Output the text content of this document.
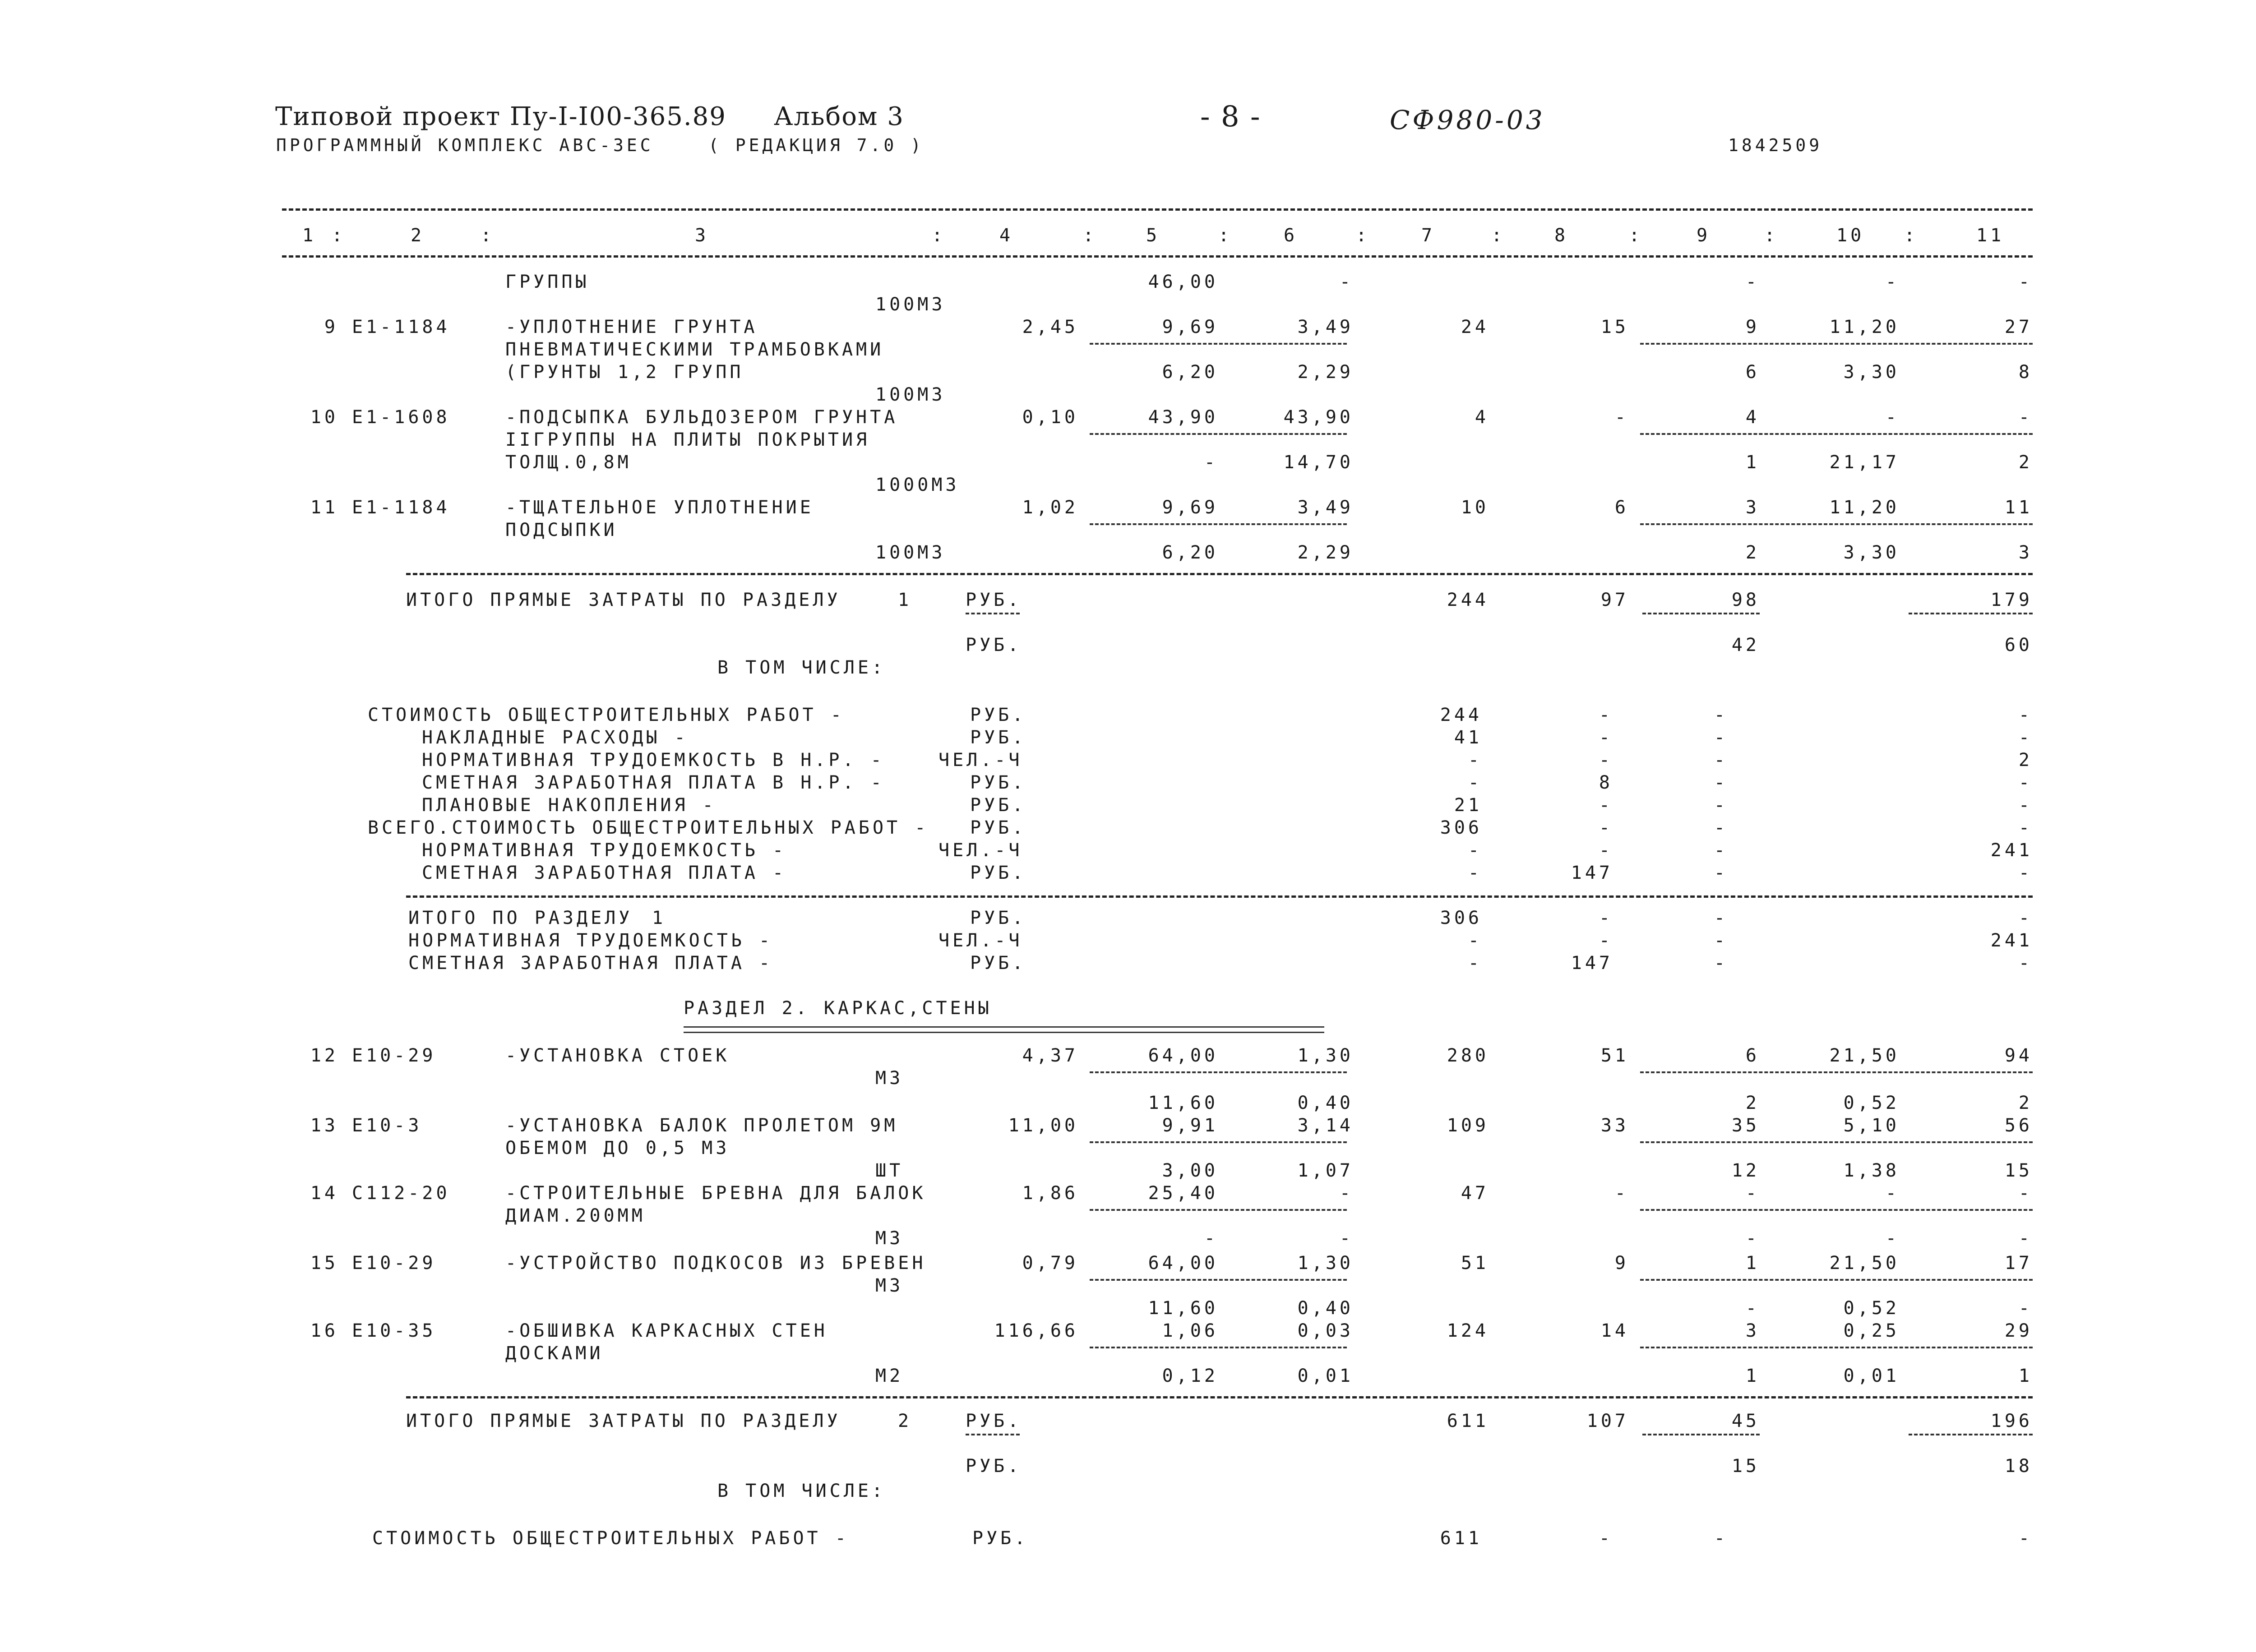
Типовой проект Пу-I-I00-365.89 Альбом 3	- 8 -	СФ980-03
ПРОГРАММНЫЙ КОМПЛЕКС АВС-3ЕС	( РЕДАКЦИЯ 7.0 )	1842509
1	2	3	4	5	6	7	8	9	10	11
:	:	:	:	:	:	:	:	:	:
ГРУППЫ	46,00	-	-	-	-
100М3
9 Е1-1184	-УПЛОТНЕНИЕ ГРУНТА	2,45	9,69	3,49	24	15	9	11,20	27
ПНЕВМАТИЧЕСКИМИ ТРАМБОВКАМИ
(ГРУНТЫ 1,2 ГРУПП	6,20	2,29	6	3,30	8
100М3
10 Е1-1608	-ПОДСЫПКА БУЛЬДОЗЕРОМ ГРУНТА	0,10	43,90	43,90	4	-	4	-	-
IIГРУППЫ НА ПЛИТЫ ПОКРЫТИЯ
ТОЛЩ.0,8М	-	14,70	1	21,17	2
1000М3
11 Е1-1184	-ТЩАТЕЛЬНОЕ УПЛОТНЕНИЕ	1,02	9,69	3,49	10	6	3	11,20	11
ПОДСЫПКИ
100М3	6,20	2,29	2	3,30	3
ИТОГО ПРЯМЫЕ ЗАТРАТЫ ПО РАЗДЕЛУ	1	РУБ.	244	97	98	179
РУБ.	42	60
В ТОМ ЧИСЛЕ:
СТОИМОСТЬ ОБЩЕСТРОИТЕЛЬНЫХ РАБОТ -	РУБ.	244	-	-	-
НАКЛАДНЫЕ РАСХОДЫ -	РУБ.	41	-	-	-
НОРМАТИВНАЯ ТРУДОЕМКОСТЬ В Н.Р. -	ЧЕЛ.-Ч	-	-	-	2
СМЕТНАЯ ЗАРАБОТНАЯ ПЛАТА В Н.Р. -	РУБ.	-	8	-	-
ПЛАНОВЫЕ НАКОПЛЕНИЯ -	РУБ.	21	-	-	-
ВСЕГО.СТОИМОСТЬ ОБЩЕСТРОИТЕЛЬНЫХ РАБОТ - РУБ.	306	-	-	-
НОРМАТИВНАЯ ТРУДОЕМКОСТЬ -	ЧЕЛ.-Ч	-	-	-	241
СМЕТНАЯ ЗАРАБОТНАЯ ПЛАТА -	РУБ.	-	147	-	-
ИТОГО ПО РАЗДЕЛУ 1	РУБ.	306	-	-	-
НОРМАТИВНАЯ ТРУДОЕМКОСТЬ -	ЧЕЛ.-Ч	-	-	-	241
СМЕТНАЯ ЗАРАБОТНАЯ ПЛАТА -	РУБ.	-	147	-	-
РАЗДЕЛ 2. КАРКАС,СТЕНЫ
12 Е10-29	-УСТАНОВКА СТОЕК	4,37	64,00	1,30	280	51	6	21,50	94
М3
11,60	0,40	2	0,52	2
13 Е10-3	-УСТАНОВКА БАЛОК ПРОЛЕТОМ 9М	11,00	9,91	3,14	109	33	35	5,10	56
ОБЕМОМ ДО 0,5 М3
ШТ	3,00	1,07	12	1,38	15
14 С112-20	-СТРОИТЕЛЬНЫЕ БРЕВНА ДЛЯ БАЛОК	1,86	25,40	-	47	-	-	-	-
ДИАМ.200ММ
М3	-	-	-	-	-
15 Е10-29	-УСТРОЙСТВО ПОДКОСОВ ИЗ БРЕВЕН	0,79	64,00	1,30	51	9	1	21,50	17
М3
11,60	0,40	-	0,52	-
16 Е10-35	-ОБШИВКА КАРКАСНЫХ СТЕН	116,66	1,06	0,03	124	14	3	0,25	29
ДОСКАМИ
М2	0,12	0,01	1	0,01	1
ИТОГО ПРЯМЫЕ ЗАТРАТЫ ПО РАЗДЕЛУ	2	РУБ.	611	107	45	196
РУБ.	15	18
В ТОМ ЧИСЛЕ:
СТОИМОСТЬ ОБЩЕСТРОИТЕЛЬНЫХ РАБОТ -	РУБ.	611	-	-	-
